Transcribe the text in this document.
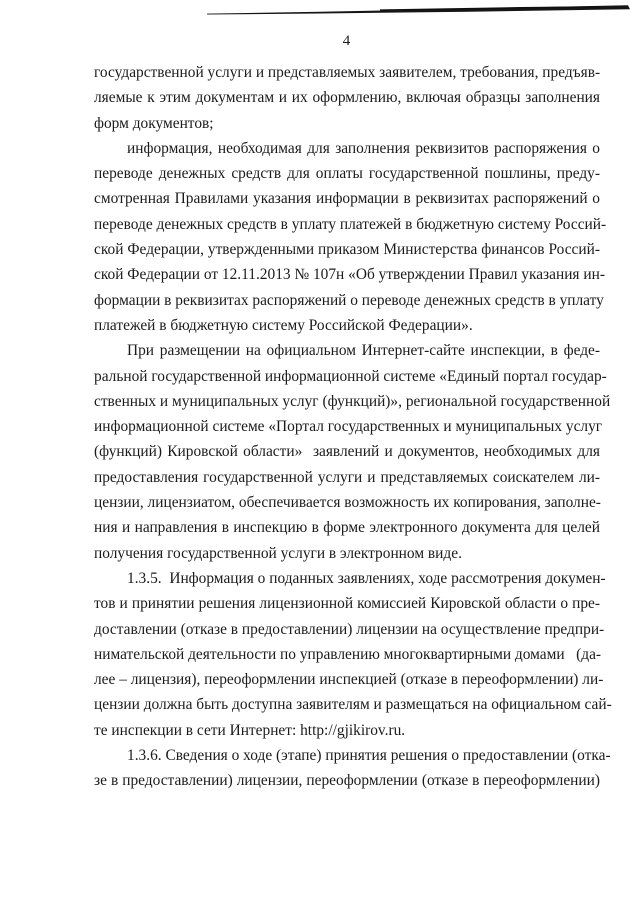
4
государственной услуги и представляемых заявителем, требования, предъяв-
ляемые к этим документам и их оформлению, включая образцы заполнения
форм документов;
информация, необходимая для заполнения реквизитов распоряжения о
переводе денежных средств для оплаты государственной пошлины, преду-
смотренная Правилами указания информации в реквизитах распоряжений о
переводе денежных средств в уплату платежей в бюджетную систему Россий-
ской Федерации, утвержденными приказом Министерства финансов Россий-
ской Федерации от 12.11.2013 № 107н «Об утверждении Правил указания ин-
формации в реквизитах распоряжений о переводе денежных средств в уплату
платежей в бюджетную систему Российской Федерации».
При размещении на официальном Интернет-сайте инспекции, в феде-
ральной государственной информационной системе «Единый портал государ-
ственных и муниципальных услуг (функций)», региональной государственной
информационной системе «Портал государственных и муниципальных услуг
(функций) Кировской области»  заявлений и документов, необходимых для
предоставления государственной услуги и представляемых соискателем ли-
цензии, лицензиатом, обеспечивается возможность их копирования, заполне-
ния и направления в инспекцию в форме электронного документа для целей
получения государственной услуги в электронном виде.
1.3.5.  Информация о поданных заявлениях, ходе рассмотрения докумен-
тов и принятии решения лицензионной комиссией Кировской области о пре-
доставлении (отказе в предоставлении) лицензии на осуществление предпри-
нимательской деятельности по управлению многоквартирными домами   (да-
лее – лицензия), переоформлении инспекцией (отказе в переоформлении) ли-
цензии должна быть доступна заявителям и размещаться на официальном сай-
те инспекции в сети Интернет: http://gjikirov.ru.
1.3.6. Сведения о ходе (этапе) принятия решения о предоставлении (отка-
зе в предоставлении) лицензии, переоформлении (отказе в переоформлении)
